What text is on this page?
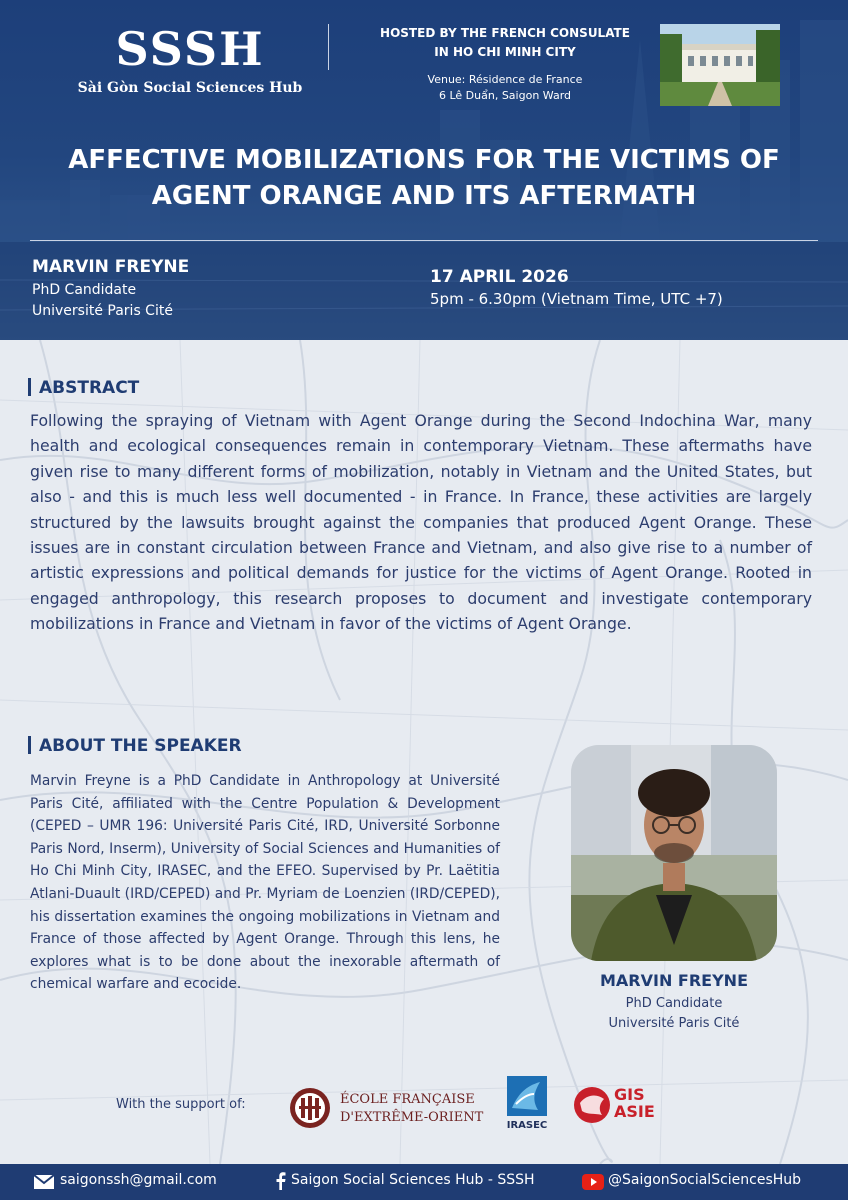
SSSH
Sài Gòn Social Sciences Hub
HOSTED BY THE FRENCH CONSULATE
IN HO CHI MINH CITY
Venue: Résidence de France
6 Lê Duẩn, Saigon Ward
AFFECTIVE MOBILIZATIONS FOR THE VICTIMS OF
AGENT ORANGE AND ITS AFTERMATH
MARVIN FREYNE
PhD Candidate
Université Paris Cité
17 APRIL 2026
5pm - 6.30pm (Vietnam Time, UTC +7)
ABSTRACT
Following the spraying of Vietnam with Agent Orange during the Second Indochina War, many health and ecological consequences remain in contemporary Vietnam. These aftermaths have given rise to many different forms of mobilization, notably in Vietnam and the United States, but also - and this is much less well documented - in France. In France, these activities are largely structured by the lawsuits brought against the companies that produced Agent Orange. These issues are in constant circulation between France and Vietnam, and also give rise to a number of artistic expressions and political demands for justice for the victims of Agent Orange. Rooted in engaged anthropology, this research proposes to document and investigate contemporary mobilizations in France and Vietnam in favor of the victims of Agent Orange.
ABOUT THE SPEAKER
Marvin Freyne is a PhD Candidate in Anthropology at Université Paris Cité, affiliated with the Centre Population & Development (CEPED – UMR 196: Université Paris Cité, IRD, Université Sorbonne Paris Nord, Inserm), University of Social Sciences and Humanities of Ho Chi Minh City, IRASEC, and the EFEO. Supervised by Pr. Laëtitia Atlani-Duault (IRD/CEPED) and Pr. Myriam de Loenzien (IRD/CEPED), his dissertation examines the ongoing mobilizations in Vietnam and France of those affected by Agent Orange. Through this lens, he explores what is to be done about the inexorable aftermath of chemical warfare and ecocide.	MARVIN FREYNE
PhD Candidate
Université Paris Cité
With the support of:	ÉCOLE FRANÇAISE
D'EXTRÊME-ORIENT
IRASEC
GIS
ASIE
saigonssh@gmail.com	Saigon Social Sciences Hub - SSSH	@SaigonSocialSciencesHub
